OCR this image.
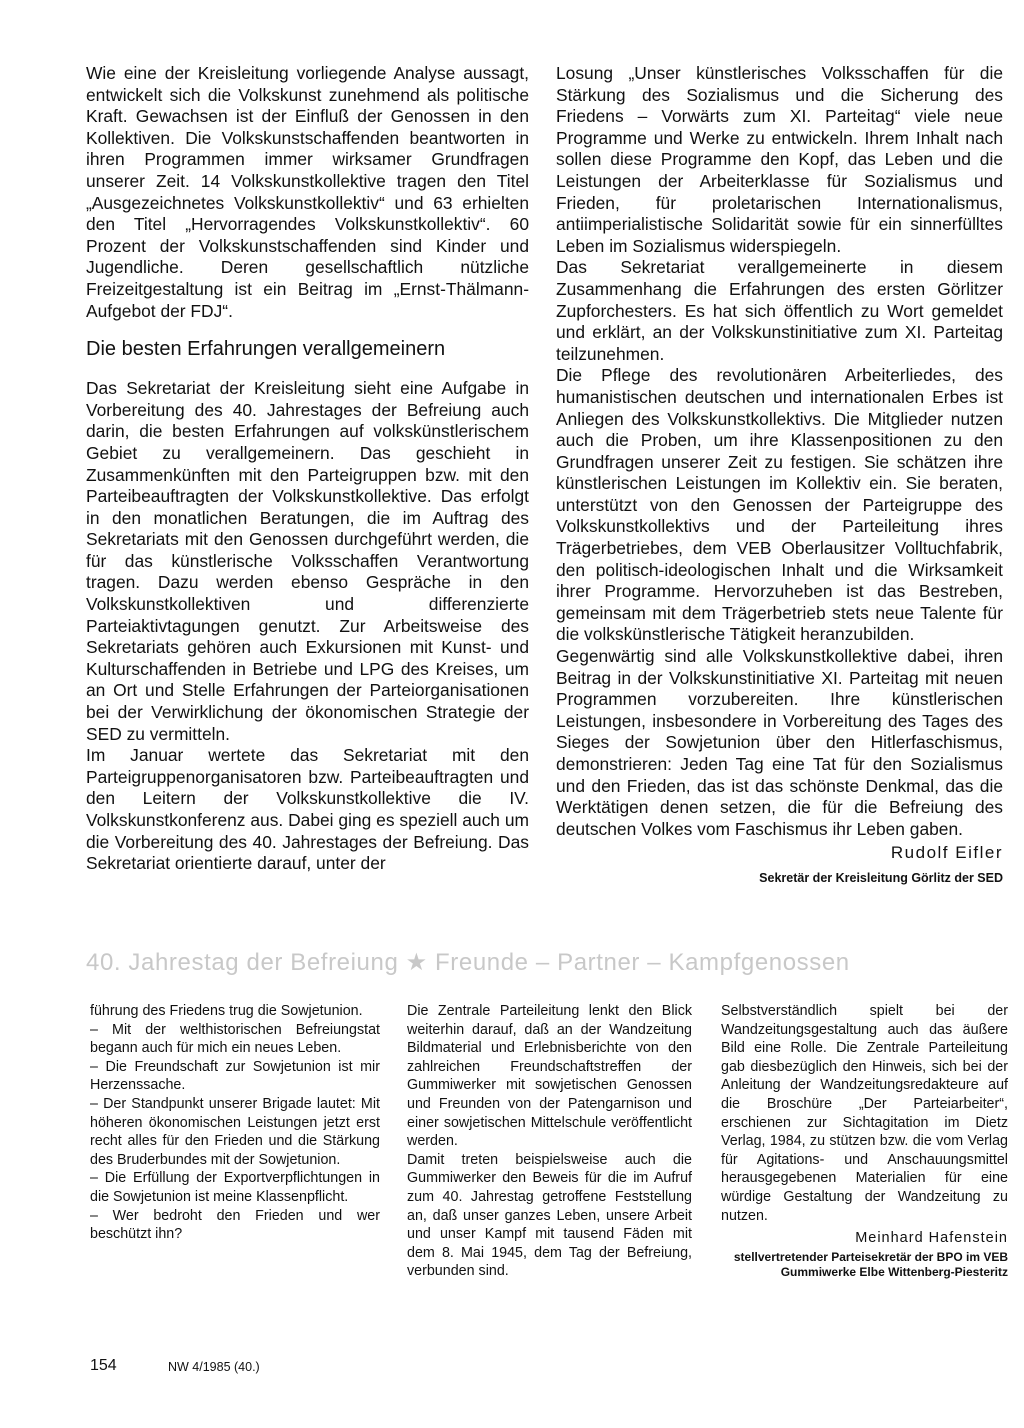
Wie eine der Kreisleitung vorliegende Analyse aussagt, entwickelt sich die Volkskunst zunehmend als politische Kraft. Gewachsen ist der Einfluß der Genossen in den Kollektiven. Die Volkskunstschaffenden beantworten in ihren Programmen immer wirksamer Grundfragen unserer Zeit. 14 Volkskunstkollektive tragen den Titel „Ausgezeichnetes Volkskunstkollektiv“ und 63 erhielten den Titel „Hervorragendes Volkskunstkollektiv“. 60 Prozent der Volkskunstschaffenden sind Kinder und Jugendliche. Deren gesellschaftlich nützliche Freizeitgestaltung ist ein Beitrag im „Ernst-Thälmann-Aufgebot der FDJ“.

Die besten Erfahrungen verallgemeinern

Das Sekretariat der Kreisleitung sieht eine Aufgabe in Vorbereitung des 40. Jahrestages der Befreiung auch darin, die besten Erfahrungen auf volkskünstlerischem Gebiet zu verallgemeinern. Das geschieht in Zusammenkünften mit den Parteigruppen bzw. mit den Parteibeauftragten der Volkskunstkollektive. Das erfolgt in den monatlichen Beratungen, die im Auftrag des Sekretariats mit den Genossen durchgeführt werden, die für das künstlerische Volksschaffen Verantwortung tragen. Dazu werden ebenso Gespräche in den Volkskunstkollektiven und differenzierte Parteiaktivtagungen genutzt. Zur Arbeitsweise des Sekretariats gehören auch Exkursionen mit Kunst- und Kulturschaffenden in Betriebe und LPG des Kreises, um an Ort und Stelle Erfahrungen der Parteiorganisationen bei der Verwirklichung der ökonomischen Strategie der SED zu vermitteln.

Im Januar wertete das Sekretariat mit den Parteigruppenorganisatoren bzw. Parteibeauftragten und den Leitern der Volkskunstkollektive die IV. Volkskunstkonferenz aus. Dabei ging es speziell auch um die Vorbereitung des 40. Jahrestages der Befreiung. Das Sekretariat orientierte darauf, unter der

Losung „Unser künstlerisches Volksschaffen für die Stärkung des Sozialismus und die Sicherung des Friedens – Vorwärts zum XI. Parteitag“ viele neue Programme und Werke zu entwickeln. Ihrem Inhalt nach sollen diese Programme den Kopf, das Leben und die Leistungen der Arbeiterklasse für Sozialismus und Frieden, für proletarischen Internationalismus, antiimperialistische Solidarität sowie für ein sinnerfülltes Leben im Sozialismus widerspiegeln.

Das Sekretariat verallgemeinerte in diesem Zusammenhang die Erfahrungen des ersten Görlitzer Zupforchesters. Es hat sich öffentlich zu Wort gemeldet und erklärt, an der Volkskunstinitiative zum XI. Parteitag teilzunehmen.

Die Pflege des revolutionären Arbeiterliedes, des humanistischen deutschen und internationalen Erbes ist Anliegen des Volkskunstkollektivs. Die Mitglieder nutzen auch die Proben, um ihre Klassenpositionen zu den Grundfragen unserer Zeit zu festigen. Sie schätzen ihre künstlerischen Leistungen im Kollektiv ein. Sie beraten, unterstützt von den Genossen der Parteigruppe des Volkskunstkollektivs und der Parteileitung ihres Trägerbetriebes, dem VEB Oberlausitzer Volltuchfabrik, den politisch-ideologischen Inhalt und die Wirksamkeit ihrer Programme. Hervorzuheben ist das Bestreben, gemeinsam mit dem Trägerbetrieb stets neue Talente für die volkskünstlerische Tätigkeit heranzubilden.

Gegenwärtig sind alle Volkskunstkollektive dabei, ihren Beitrag in der Volkskunstinitiative XI. Parteitag mit neuen Programmen vorzubereiten. Ihre künstlerischen Leistungen, insbesondere in Vorbereitung des Tages des Sieges der Sowjetunion über den Hitlerfaschismus, demonstrieren: Jeden Tag eine Tat für den Sozialismus und den Frieden, das ist das schönste Denkmal, das die Werktätigen denen setzen, die für die Befreiung des deutschen Volkes vom Faschismus ihr Leben gaben.

Rudolf Eifler
Sekretär der Kreisleitung Görlitz der SED
40. Jahrestag der Befreiung ★ Freunde – Partner – Kampfgenossen

führung des Friedens trug die Sowjetunion.

– Mit der welthistorischen Befreiungstat begann auch für mich ein neues Leben.

– Die Freundschaft zur Sowjetunion ist mir Herzenssache.

– Der Standpunkt unserer Brigade lautet: Mit höheren ökonomischen Leistungen jetzt erst recht alles für den Frieden und die Stärkung des Bruderbundes mit der Sowjetunion.

– Die Erfüllung der Exportverpflichtungen in die Sowjetunion ist meine Klassenpflicht.

– Wer bedroht den Frieden und wer beschützt ihn?

Die Zentrale Parteileitung lenkt den Blick weiterhin darauf, daß an der Wandzeitung Bildmaterial und Erlebnisberichte von den zahlreichen Freundschaftstreffen der Gummiwerker mit sowjetischen Genossen und Freunden von der Patengarnison und einer sowjetischen Mittelschule veröffentlicht werden.

Damit treten beispielsweise auch die Gummiwerker den Beweis für die im Aufruf zum 40. Jahrestag getroffene Feststellung an, daß unser ganzes Leben, unsere Arbeit und unser Kampf mit tausend Fäden mit dem 8. Mai 1945, dem Tag der Befreiung, verbunden sind.

Selbstverständlich spielt bei der Wandzeitungsgestaltung auch das äußere Bild eine Rolle. Die Zentrale Parteileitung gab diesbezüglich den Hinweis, sich bei der Anleitung der Wandzeitungsredakteure auf die Broschüre „Der Parteiarbeiter“, erschienen zur Sichtagitation im Dietz Verlag, 1984, zu stützen bzw. die vom Verlag für Agitations- und Anschauungsmittel herausgegebenen Materialien für eine würdige Gestaltung der Wandzeitung zu nutzen.

Meinhard Hafenstein
stellvertretender Parteisekretär der BPO im VEB Gummiwerke Elbe Wittenberg-Piesteritz
154	NW 4/1985 (40.)
